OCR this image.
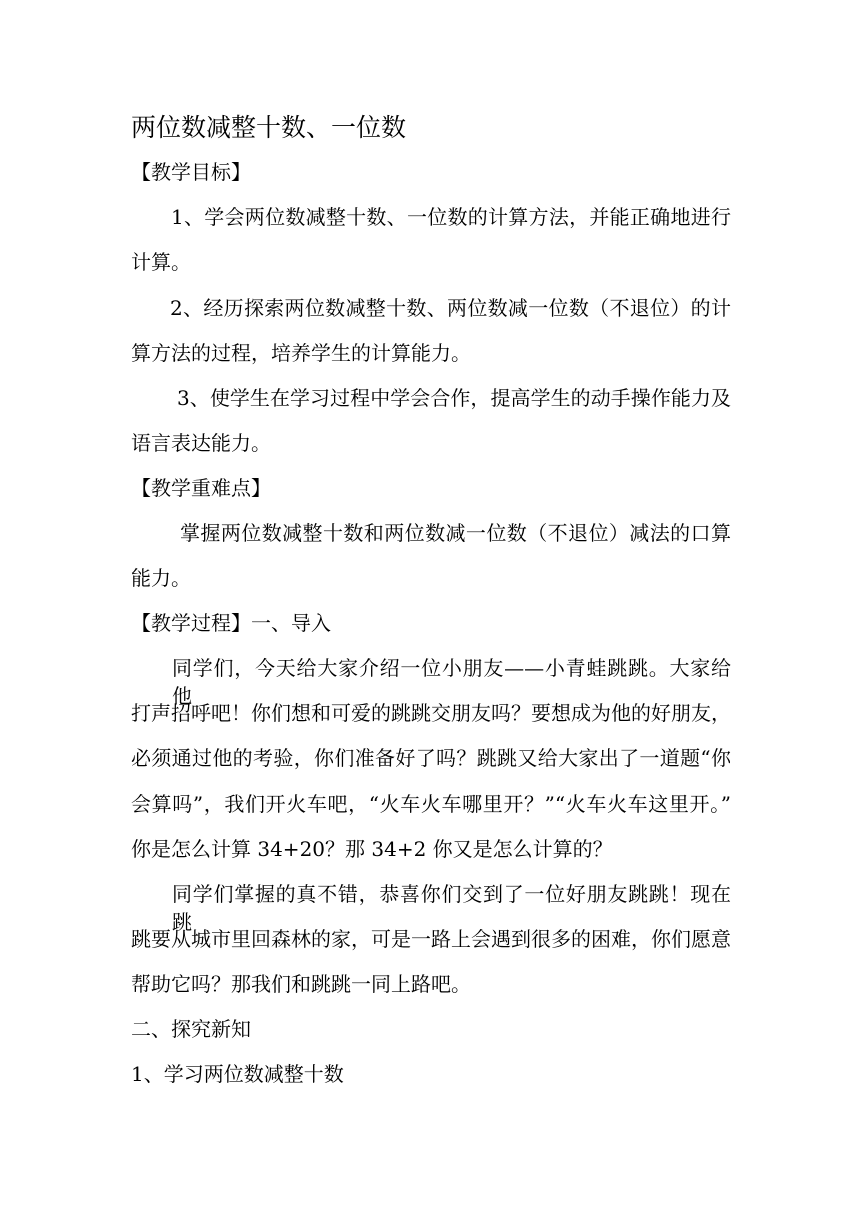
两位数减整十数、一位数
【教学目标】
1、学会两位数减整十数、一位数的计算方法，并能正确地进行
计算。
2、经历探索两位数减整十数、两位数减一位数（不退位）的计
算方法的过程，培养学生的计算能力。
3、使学生在学习过程中学会合作，提高学生的动手操作能力及
语言表达能力。
【教学重难点】
掌握两位数减整十数和两位数减一位数（不退位）减法的口算
能力。
【教学过程】一、导入
同学们，今天给大家介绍一位小朋友——小青蛙跳跳。大家给他
打声招呼吧！你们想和可爱的跳跳交朋友吗？要想成为他的好朋友，
必须通过他的考验，你们准备好了吗？跳跳又给大家出了一道题“你
会算吗”，我们开火车吧，“火车火车哪里开？”“火车火车这里开。”
你是怎么计算 34+20？那 34+2 你又是怎么计算的？
同学们掌握的真不错，恭喜你们交到了一位好朋友跳跳！现在跳
跳要从城市里回森林的家，可是一路上会遇到很多的困难，你们愿意
帮助它吗？那我们和跳跳一同上路吧。
二、探究新知
1、学习两位数减整十数
